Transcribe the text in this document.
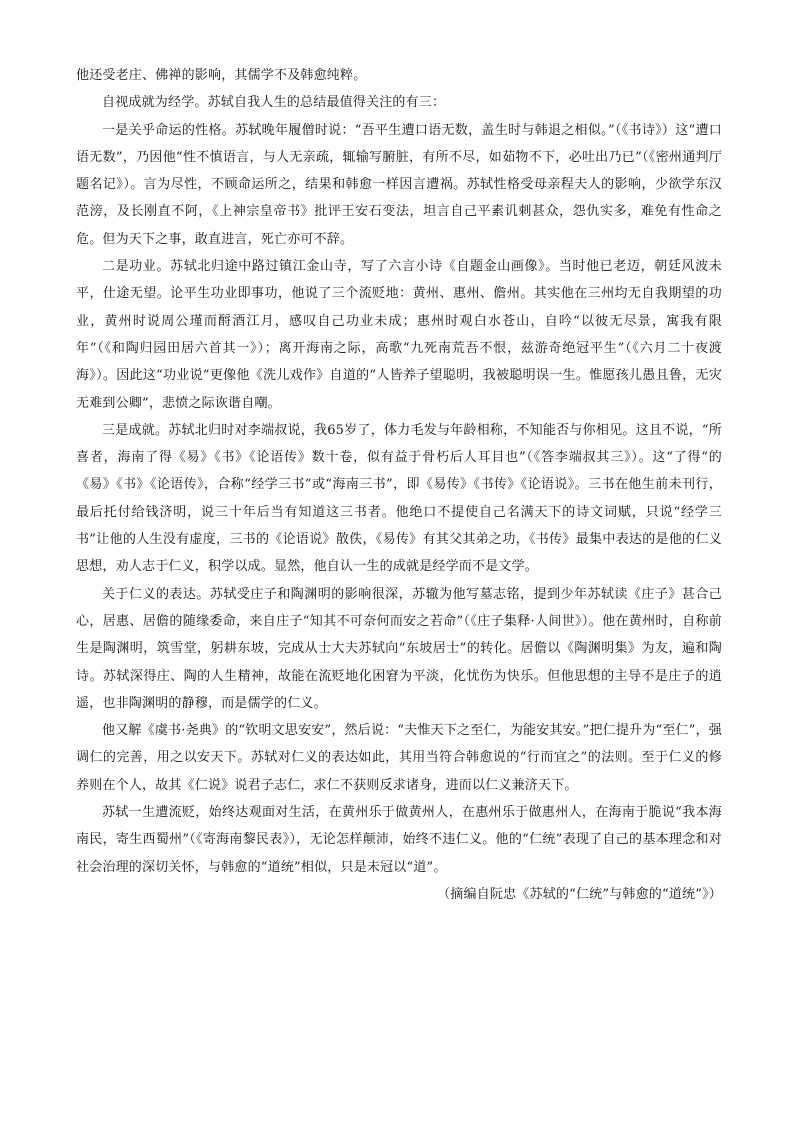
他还受老庄、佛禅的影响，其儒学不及韩愈纯粹。

自视成就为经学。苏轼自我人生的总结最值得关注的有三：

一是关乎命运的性格。苏轼晚年履僧时说：“吾平生遭口语无数，盖生时与韩退之相似。”（《书诗》）这“遭口语无数”，乃因他“性不慎语言，与人无亲疏，辄输写腑脏，有所不尽，如茹物不下，必吐出乃已”（《密州通判厅题名记》）。言为尽性，不顾命运所之，结果和韩愈一样因言遭祸。苏轼性格受母亲程夫人的影响，少欲学东汉范滂，及长刚直不阿，《上神宗皇帝书》批评王安石变法，坦言自己平素讥刺甚众，怨仇实多，难免有性命之危。但为天下之事，敢直进言，死亡亦可不辞。

二是功业。苏轼北归途中路过镇江金山寺，写了六言小诗《自题金山画像》。当时他已老迈，朝廷风波未平，仕途无望。论平生功业即事功，他说了三个流贬地：黄州、惠州、儋州。其实他在三州均无自我期望的功业，黄州时说周公瑾而酹酒江月，感叹自己功业未成；惠州时观白水苍山，自吟“以彼无尽景，寓我有限年”（《和陶归园田居六首其一》）；离开海南之际，高歌“九死南荒吾不恨，兹游奇绝冠平生”（《六月二十夜渡海》）。因此这“功业说”更像他《洗儿戏作》自道的“人皆养子望聪明，我被聪明误一生。惟愿孩儿愚且鲁，无灾无难到公卿”，悲愤之际诙谐自嘲。

三是成就。苏轼北归时对李端叔说，我65岁了，体力毛发与年龄相称，不知能否与你相见。这且不说，“所喜者，海南了得《易》《书》《论语传》数十卷，似有益于骨朽后人耳目也”（《答李端叔其三》）。这“了得”的《易》《书》《论语传》，合称“经学三书”或“海南三书”，即《易传》《书传》《论语说》。三书在他生前未刊行，最后托付给钱济明，说三十年后当有知道这三书者。他绝口不提使自己名满天下的诗文词赋，只说“经学三书”让他的人生没有虚度，三书的《论语说》散佚，《易传》有其父其弟之功，《书传》最集中表达的是他的仁义思想，劝人志于仁义，积学以成。显然，他自认一生的成就是经学而不是文学。

关于仁义的表达。苏轼受庄子和陶渊明的影响很深，苏辙为他写墓志铭，提到少年苏轼读《庄子》甚合己心，居惠、居儋的随缘委命，来自庄子“知其不可奈何而安之若命”（《庄子集释·人间世》）。他在黄州时，自称前生是陶渊明，筑雪堂，躬耕东坡，完成从士大夫苏轼向“东坡居士”的转化。居儋以《陶渊明集》为友，遍和陶诗。苏轼深得庄、陶的人生精神，故能在流贬地化困窘为平淡，化忧伤为快乐。但他思想的主导不是庄子的逍遥，也非陶渊明的静穆，而是儒学的仁义。

他又解《虞书·尧典》的“钦明文思安安”，然后说：“夫惟天下之至仁，为能安其安。”把仁提升为“至仁”，强调仁的完善，用之以安天下。苏轼对仁义的表达如此，其用当符合韩愈说的“行而宜之”的法则。至于仁义的修养则在个人，故其《仁说》说君子志仁，求仁不获则反求诸身，进而以仁义兼济天下。

苏轼一生遭流贬，始终达观面对生活，在黄州乐于做黄州人，在惠州乐于做惠州人，在海南于脆说“我本海南民，寄生西蜀州”（《寄海南黎民表》），无论怎样颠沛，始终不违仁义。他的“仁统”表现了自己的基本理念和对社会治理的深切关怀，与韩愈的“道统”相似，只是未冠以“道”。

（摘编自阮忠《苏轼的“仁统”与韩愈的“道统”》）
